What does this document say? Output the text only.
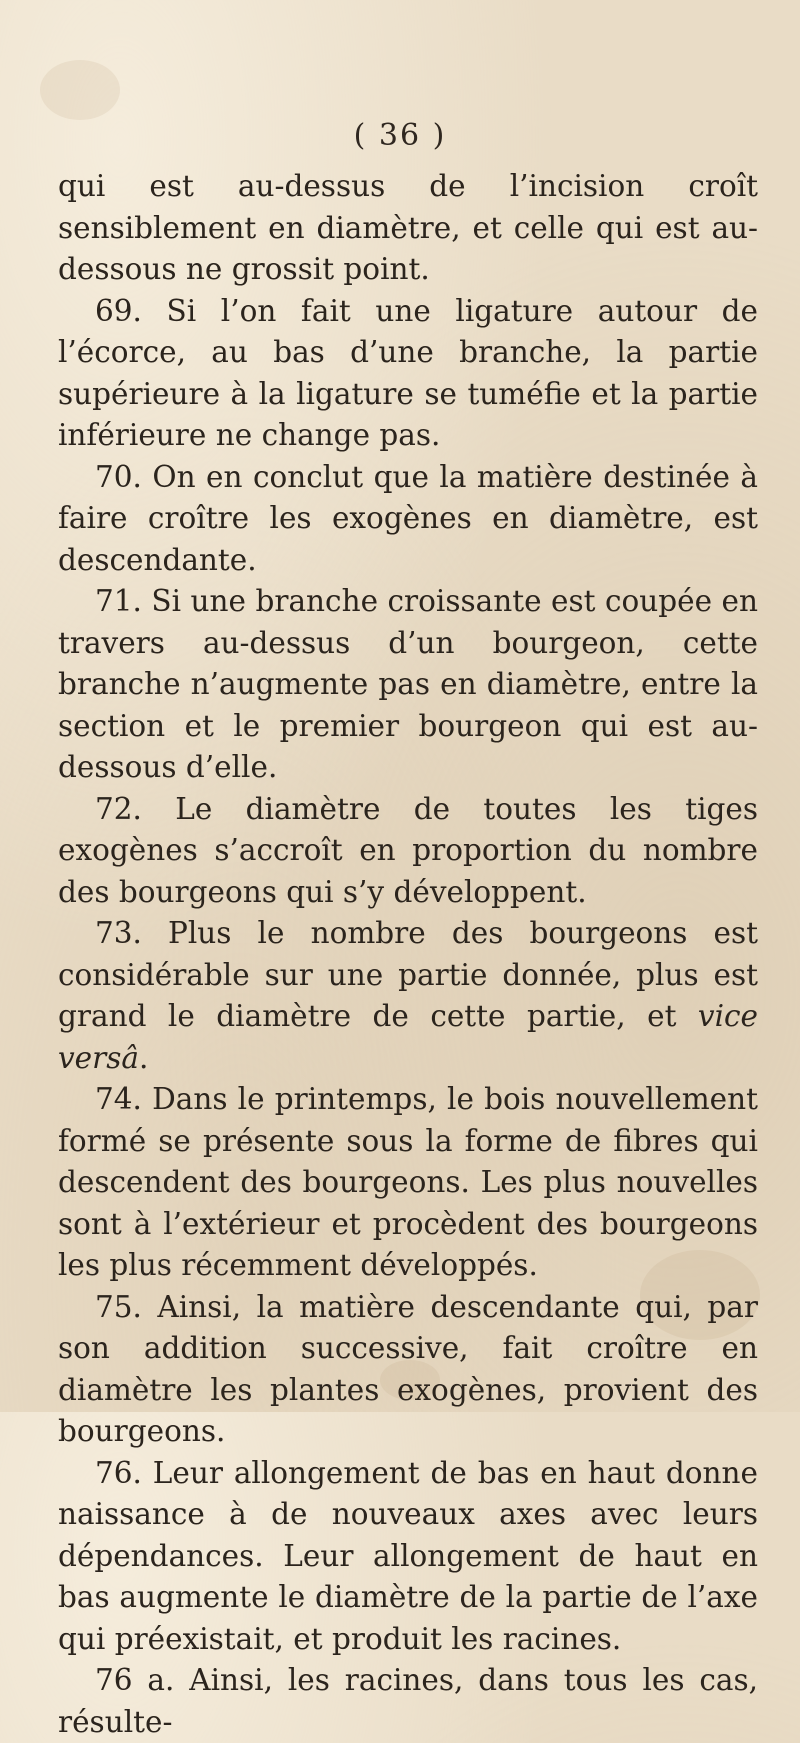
( 36 )

qui est au-dessus de l’incision croît sensiblement en diamètre, et celle qui est au-dessous ne grossit point.

69. Si l’on fait une ligature autour de l’écorce, au bas d’une branche, la partie supérieure à la ligature se tuméfie et la partie inférieure ne change pas.

70. On en conclut que la matière destinée à faire croître les exogènes en diamètre, est descendante.

71. Si une branche croissante est coupée en travers au-dessus d’un bourgeon, cette branche n’augmente pas en diamètre, entre la section et le premier bourgeon qui est au-dessous d’elle.

72. Le diamètre de toutes les tiges exogènes s’accroît en proportion du nombre des bourgeons qui s’y développent.

73. Plus le nombre des bourgeons est considérable sur une partie donnée, plus est grand le diamètre de cette partie, et vice versâ.

74. Dans le printemps, le bois nouvellement formé se présente sous la forme de fibres qui descendent des bourgeons. Les plus nouvelles sont à l’extérieur et procèdent des bourgeons les plus récemment développés.

75. Ainsi, la matière descendante qui, par son addition successive, fait croître en diamètre les plantes exogènes, provient des bourgeons.

76. Leur allongement de bas en haut donne naissance à de nouveaux axes avec leurs dépendances. Leur allongement de haut en bas augmente le diamètre de la partie de l’axe qui préexistait, et produit les racines.

76 a. Ainsi, les racines, dans tous les cas, résulte-
